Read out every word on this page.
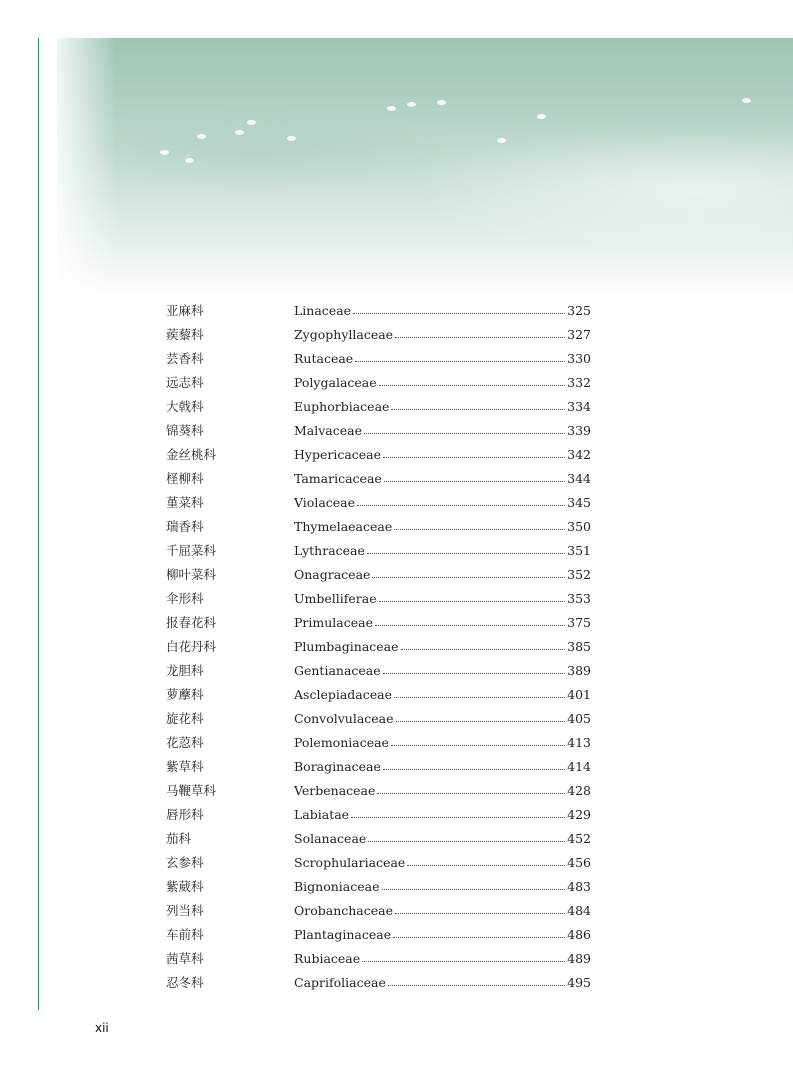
亚麻科	Linaceae	325
蒺藜科	Zygophyllaceae	327
芸香科	Rutaceae	330
远志科	Polygalaceae	332
大戟科	Euphorbiaceae	334
锦葵科	Malvaceae	339
金丝桃科	Hypericaceae	342
柽柳科	Tamaricaceae	344
堇菜科	Violaceae	345
瑞香科	Thymelaeaceae	350
千屈菜科	Lythraceae	351
柳叶菜科	Onagraceae	352
伞形科	Umbelliferae	353
报春花科	Primulaceae	375
白花丹科	Plumbaginaceae	385
龙胆科	Gentianaceae	389
萝藦科	Asclepiadaceae	401
旋花科	Convolvulaceae	405
花荵科	Polemoniaceae	413
紫草科	Boraginaceae	414
马鞭草科	Verbenaceae	428
唇形科	Labiatae	429
茄科	Solanaceae	452
玄参科	Scrophulariaceae	456
紫葳科	Bignoniaceae	483
列当科	Orobanchaceae	484
车前科	Plantaginaceae	486
茜草科	Rubiaceae	489
忍冬科	Caprifoliaceae	495
xii
